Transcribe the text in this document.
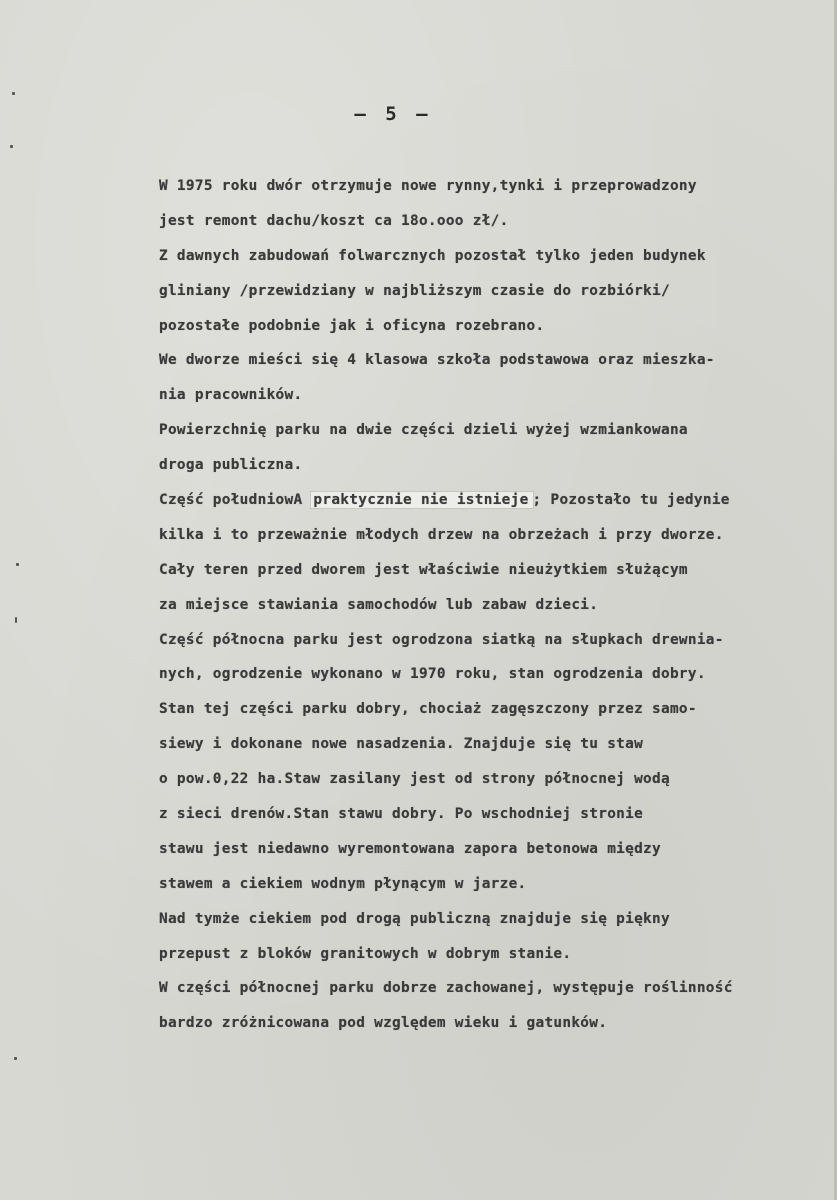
– 5 –
W 1975 roku dwór otrzymuje nowe rynny,tynki i przeprowadzony
jest remont dachu/koszt ca 18o.ooo zł/.
Z dawnych zabudowań folwarcznych pozostał tylko jeden budynek
gliniany /przewidziany w najbliższym czasie do rozbiórki/
pozostałe podobnie jak i oficyna rozebrano.
We dworze mieści się 4 klasowa szkoła podstawowa oraz mieszka-
nia pracowników.
Powierzchnię parku na dwie części dzieli wyżej wzmiankowana
droga publiczna.
Część południowA praktycznie nie istnieje ; Pozostało tu jedynie
kilka i to przeważnie młodych drzew na obrzeżach i przy dworze.
Cały teren przed dworem jest właściwie nieużytkiem służącym
za miejsce stawiania samochodów lub zabaw dzieci.
Część północna parku jest ogrodzona siatką na słupkach drewnia-
nych, ogrodzenie wykonano w 1970 roku, stan ogrodzenia dobry.
Stan tej części parku dobry, chociaż zagęszczony przez samo-
siewy i dokonane nowe nasadzenia. Znajduje się tu staw
o pow.0,22 ha.Staw zasilany jest od strony północnej wodą
z sieci drenów.Stan stawu dobry. Po wschodniej stronie
stawu jest niedawno wyremontowana zapora betonowa między
stawem a ciekiem wodnym płynącym w jarze.
Nad tymże ciekiem pod drogą publiczną znajduje się piękny
przepust z bloków granitowych w dobrym stanie.
W części północnej parku dobrze zachowanej, występuje roślinność
bardzo zróżnicowana pod względem wieku i gatunków.
